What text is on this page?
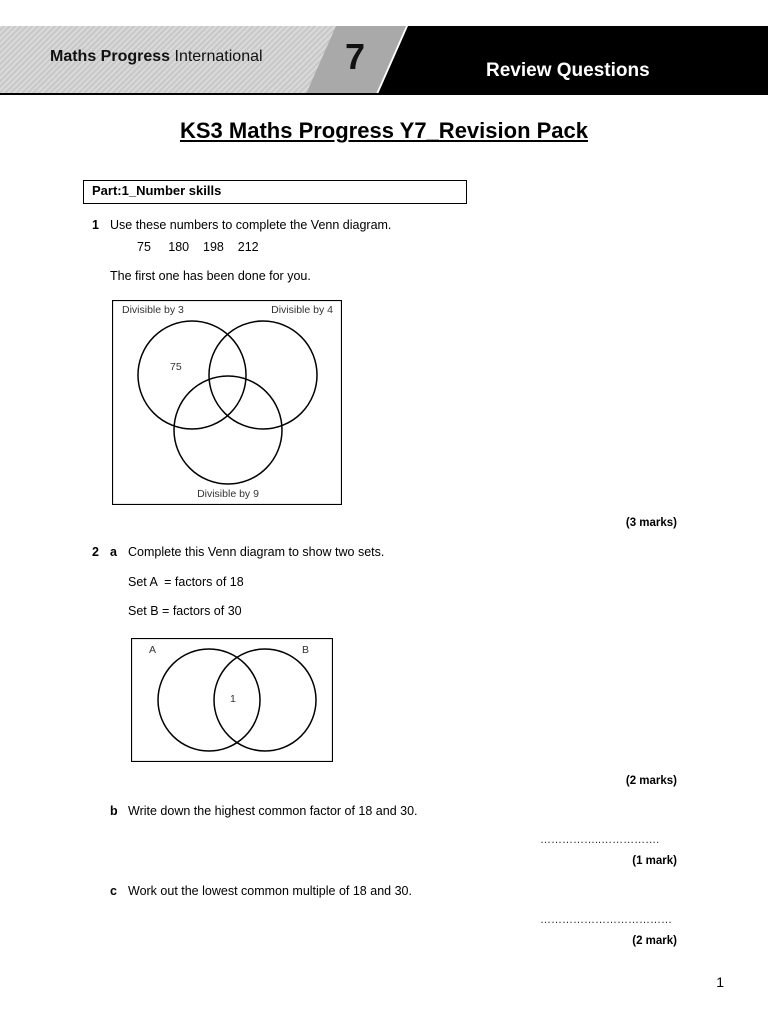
Maths Progress International 7	Review Questions
KS3 Maths Progress Y7_Revision Pack
Part:1_Number skills
1 Use these numbers to complete the Venn diagram.
75     180    198    212
The first one has been done for you.
Divisible by 3	Divisible by 4
Divisible by 9
75
(3 marks)
2 a Complete this Venn diagram to show two sets.
Set A  = factors of 18
Set B = factors of 30
A	B
1
(2 marks)
b Write down the highest common factor of 18 and 30.
……………..…………….
(1 mark)
c Work out the lowest common multiple of 18 and 30.
………………………………
(2 mark)
1
